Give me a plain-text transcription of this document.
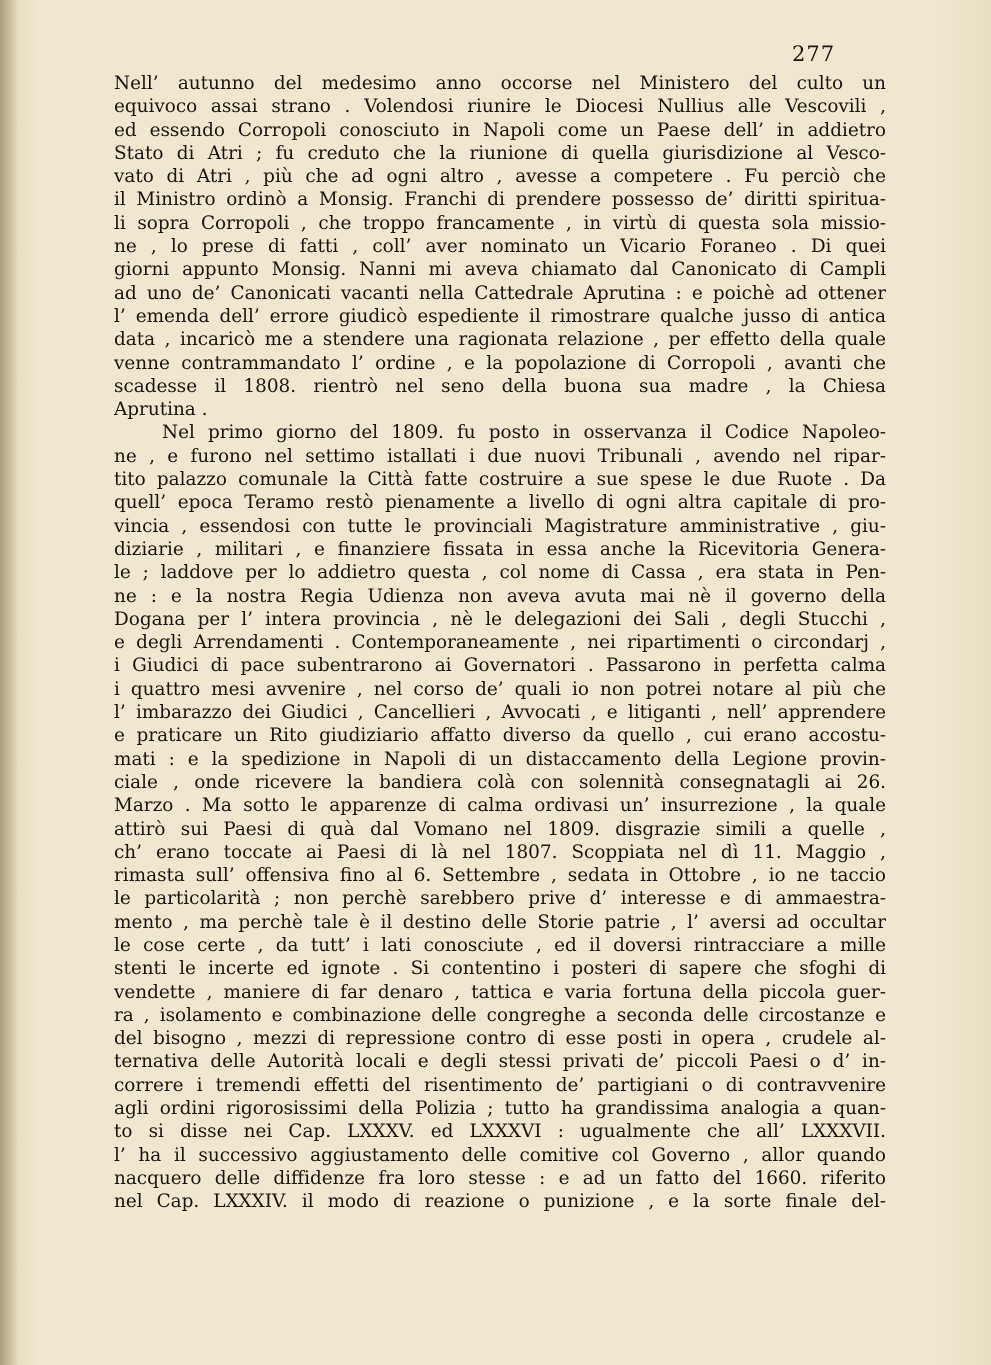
277
Nell’ autunno del medesimo anno occorse nel Ministero del culto un
equivoco assai strano . Volendosi riunire le Diocesi Nullius alle Vescovili ,
ed essendo Corropoli conosciuto in Napoli come un Paese dell’ in addietro
Stato di Atri ; fu creduto che la riunione di quella giurisdizione al Vesco-
vato di Atri , più che ad ogni altro , avesse a competere . Fu perciò che
il Ministro ordinò a Monsig. Franchi di prendere possesso de’ diritti spiritua-
li sopra Corropoli , che troppo francamente , in virtù di questa sola missio-
ne , lo prese di fatti , coll’ aver nominato un Vicario Foraneo . Di quei
giorni appunto Monsig. Nanni mi aveva chiamato dal Canonicato di Campli
ad uno de’ Canonicati vacanti nella Cattedrale Aprutina : e poichè ad ottener
l’ emenda dell’ errore giudicò espediente il rimostrare qualche jusso di antica
data , incaricò me a stendere una ragionata relazione , per effetto della quale
venne contrammandato l’ ordine , e la popolazione di Corropoli , avanti che
scadesse il 1808. rientrò nel seno della buona sua madre , la Chiesa
Aprutina .
Nel primo giorno del 1809. fu posto in osservanza il Codice Napoleo-
ne , e furono nel settimo istallati i due nuovi Tribunali , avendo nel ripar-
tito palazzo comunale la Città fatte costruire a sue spese le due Ruote . Da
quell’ epoca Teramo restò pienamente a livello di ogni altra capitale di pro-
vincia , essendosi con tutte le provinciali Magistrature amministrative , giu-
diziarie , militari , e finanziere fissata in essa anche la Ricevitoria Genera-
le ; laddove per lo addietro questa , col nome di Cassa , era stata in Pen-
ne : e la nostra Regia Udienza non aveva avuta mai nè il governo della
Dogana per l’ intera provincia , nè le delegazioni dei Sali , degli Stucchi ,
e degli Arrendamenti . Contemporaneamente , nei ripartimenti o circondarj ,
i Giudici di pace subentrarono ai Governatori . Passarono in perfetta calma
i quattro mesi avvenire , nel corso de’ quali io non potrei notare al più che
l’ imbarazzo dei Giudici , Cancellieri , Avvocati , e litiganti , nell’ apprendere
e praticare un Rito giudiziario affatto diverso da quello , cui erano accostu-
mati : e la spedizione in Napoli di un distaccamento della Legione provin-
ciale , onde ricevere la bandiera colà con solennità consegnatagli ai 26.
Marzo . Ma sotto le apparenze di calma ordivasi un’ insurrezione , la quale
attirò sui Paesi di quà dal Vomano nel 1809. disgrazie simili a quelle ,
ch’ erano toccate ai Paesi di là nel 1807. Scoppiata nel dì 11. Maggio ,
rimasta sull’ offensiva fino al 6. Settembre , sedata in Ottobre , io ne taccio
le particolarità ; non perchè sarebbero prive d’ interesse e di ammaestra-
mento , ma perchè tale è il destino delle Storie patrie , l’ aversi ad occultar
le cose certe , da tutt’ i lati conosciute , ed il doversi rintracciare a mille
stenti le incerte ed ignote . Si contentino i posteri di sapere che sfoghi di
vendette , maniere di far denaro , tattica e varia fortuna della piccola guer-
ra , isolamento e combinazione delle congreghe a seconda delle circostanze e
del bisogno , mezzi di repressione contro di esse posti in opera , crudele al-
ternativa delle Autorità locali e degli stessi privati de’ piccoli Paesi o d’ in-
correre i tremendi effetti del risentimento de’ partigiani o di contravvenire
agli ordini rigorosissimi della Polizia ; tutto ha grandissima analogia a quan-
to si disse nei Cap. LXXXV. ed LXXXVI : ugualmente che all’ LXXXVII.
l’ ha il successivo aggiustamento delle comitive col Governo , allor quando
nacquero delle diffidenze fra loro stesse : e ad un fatto del 1660. riferito
nel Cap. LXXXIV. il modo di reazione o punizione , e la sorte finale del-
